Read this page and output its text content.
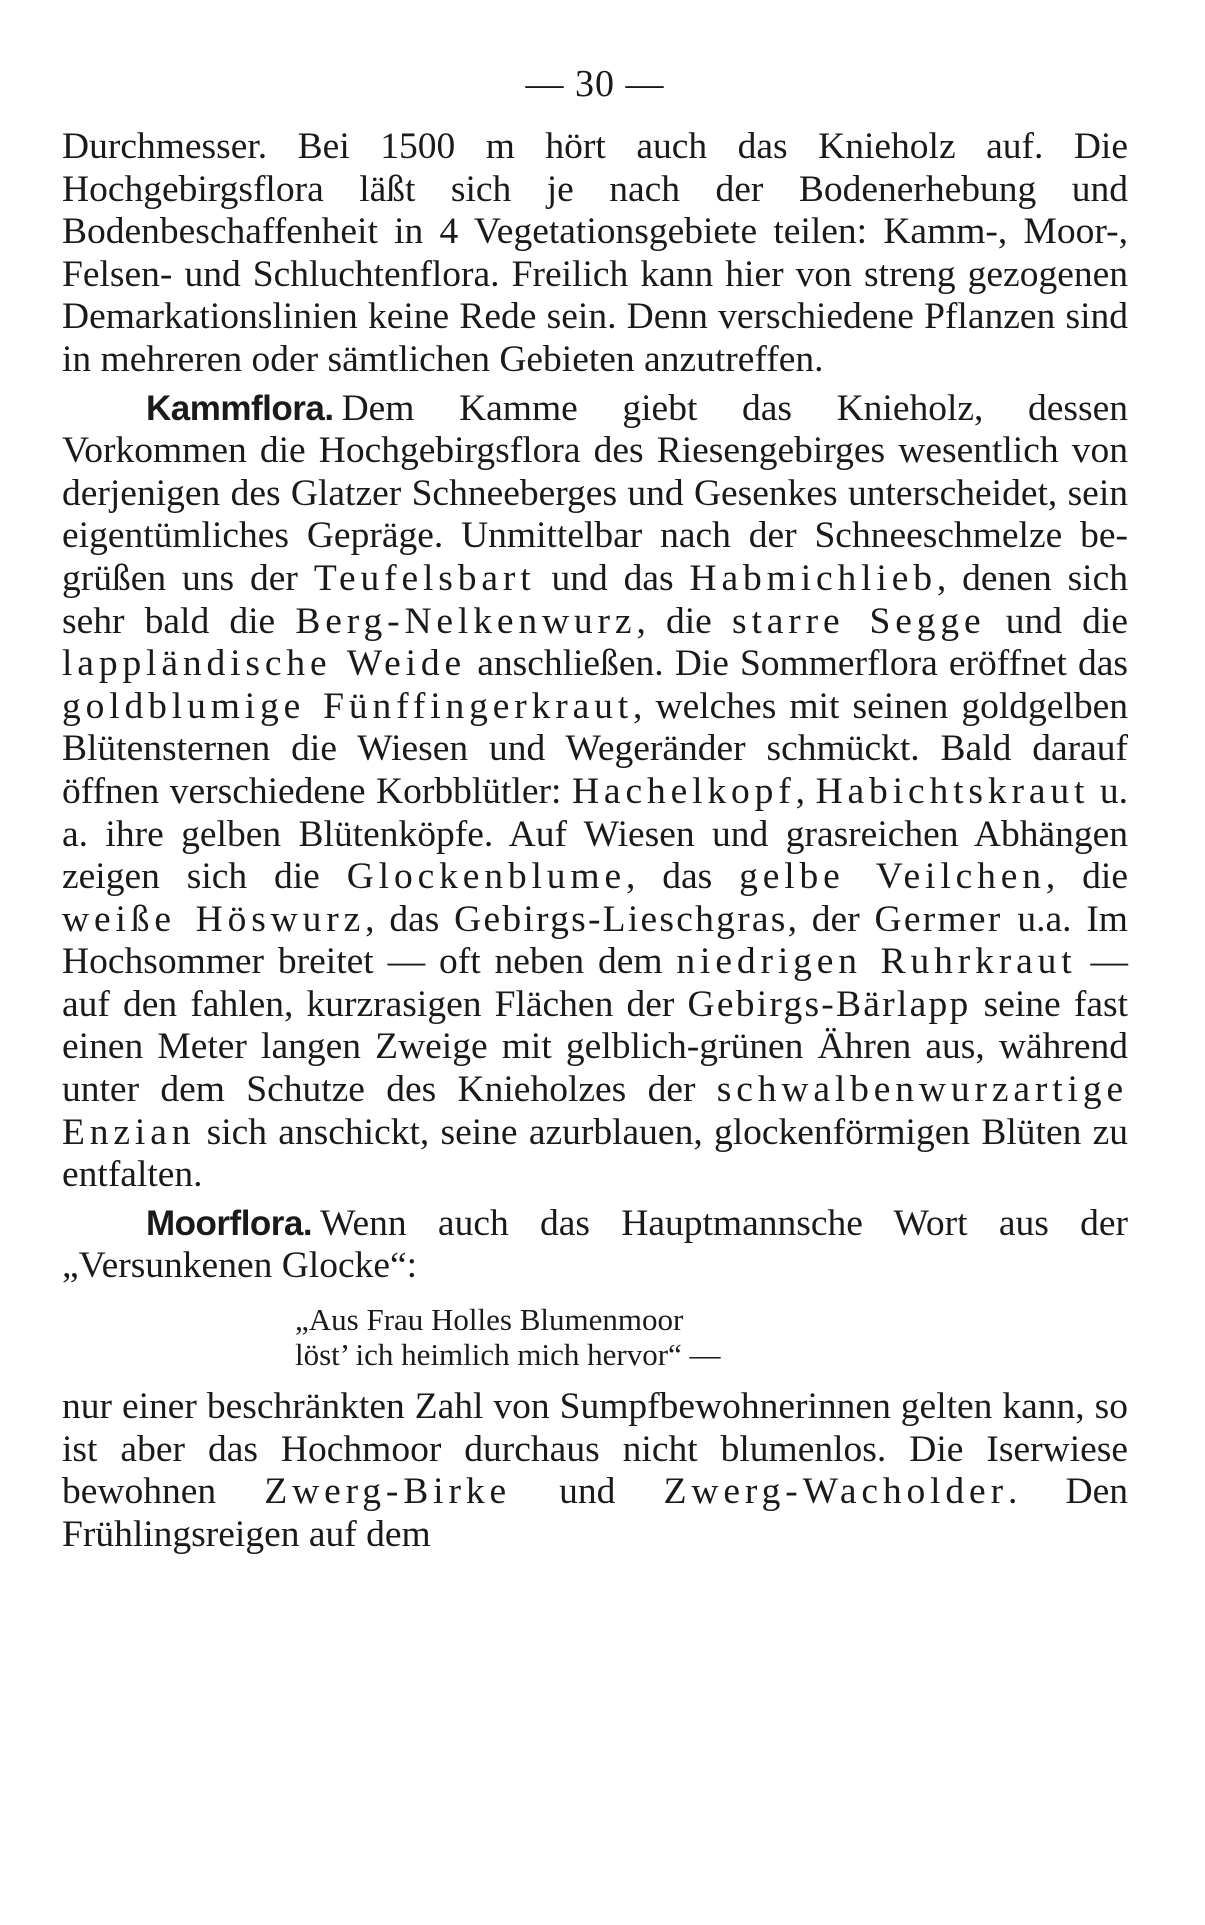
— 30 —

Durchmesser. Bei 1500 m hört auch das Knieholz auf. Die Hochgebirgsflora läßt sich je nach der Bodenerhebung und Bodenbeschaffenheit in 4 Vegetationsgebiete teilen: Kamm-, Moor-, Felsen- und Schluchtenflora. Freilich kann hier von streng gezogenen Demarkationslinien keine Rede sein. Denn verschiedene Pflanzen sind in mehreren oder sämtlichen Gebieten anzutreffen.

Kammflora. Dem Kamme giebt das Knieholz, dessen Vorkommen die Hochgebirgsflora des Riesengebirges wesentlich von derjenigen des Glatzer Schneeberges und Gesenkes unterscheidet, sein eigentümliches Gepräge. Unmittelbar nach der Schneeschmelze begrüßen uns der Teufelsbart und das Habmichlieb, denen sich sehr bald die Berg-Nelkenwurz, die starre Segge und die lappländische Weide anschließen. Die Sommerflora eröffnet das goldblumige Fünffingerkraut, welches mit seinen goldgelben Blütensternen die Wiesen und Wegeränder schmückt. Bald darauf öffnen verschiedene Korbblütler: Hachelkopf, Habichtskraut u. a. ihre gelben Blütenköpfe. Auf Wiesen und grasreichen Abhängen zeigen sich die Glockenblume, das gelbe Veilchen, die weiße Höswurz, das Gebirgs-Lieschgras, der Germer u.a. Im Hochsommer breitet — oft neben dem niedrigen Ruhrkraut — auf den fahlen, kurzrasigen Flächen der Gebirgs-Bärlapp seine fast einen Meter langen Zweige mit gelblich-grünen Ähren aus, während unter dem Schutze des Knieholzes der schwalbenwurzartige Enzian sich anschickt, seine azurblauen, glockenförmigen Blüten zu entfalten.

Moorflora. Wenn auch das Hauptmannsche Wort aus der „Versunkenen Glocke“:

„Aus Frau Holles Blumenmoor
löst’ ich heimlich mich hervor“ —

nur einer beschränkten Zahl von Sumpfbewohnerinnen gelten kann, so ist aber das Hochmoor durchaus nicht blumenlos. Die Iserwiese bewohnen Zwerg-Birke und Zwerg-Wacholder. Den Frühlingsreigen auf dem
